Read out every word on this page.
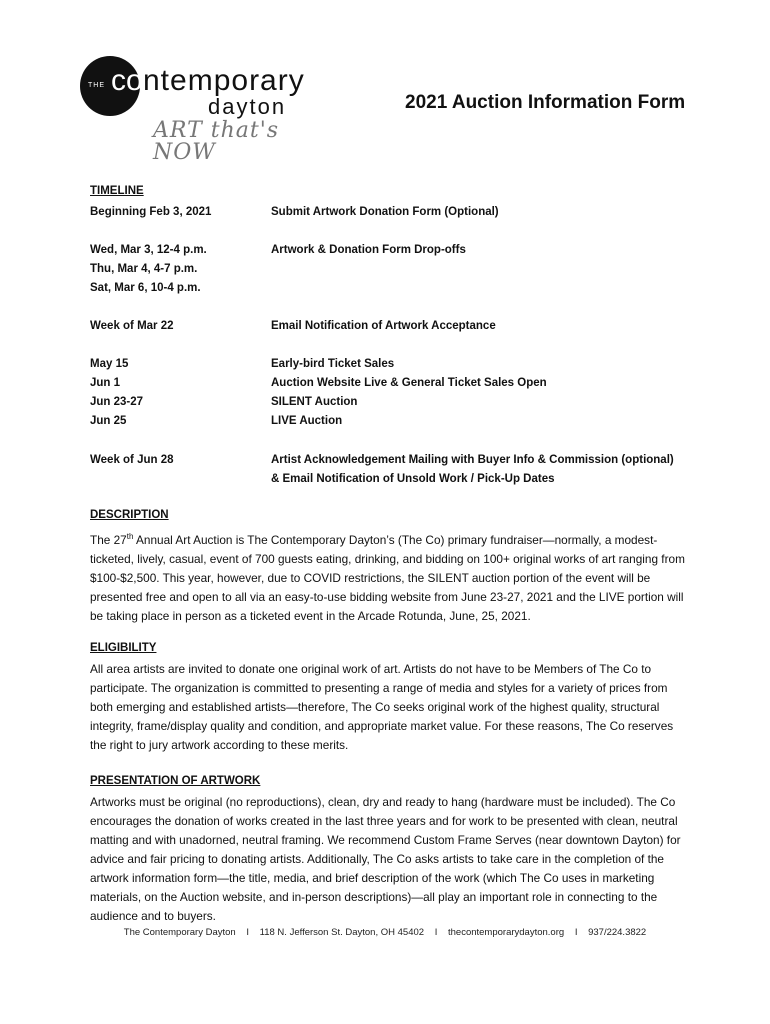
THE co ntemporary
dayton
ART that's NOW
2021 Auction Information Form
TIMELINE
Beginning Feb 3, 2021	Submit Artwork Donation Form (Optional)
Wed, Mar 3, 12-4 p.m.	Artwork & Donation Form Drop-offs
Thu, Mar 4, 4-7 p.m.
Sat, Mar 6, 10-4 p.m.
Week of Mar 22	Email Notification of Artwork Acceptance
May 15	Early-bird Ticket Sales
Jun 1	Auction Website Live & General Ticket Sales Open
Jun 23-27	SILENT Auction
Jun 25	LIVE Auction
Week of Jun 28	Artist Acknowledgement Mailing with Buyer Info & Commission (optional)
& Email Notification of Unsold Work / Pick-Up Dates
DESCRIPTION
The 27th Annual Art Auction is The Contemporary Dayton’s (The Co) primary fundraiser—normally, a modest-ticketed, lively, casual, event of 700 guests eating, drinking, and bidding on 100+ original works of art ranging from $100-$2,500. This year, however, due to COVID restrictions, the SILENT auction portion of the event will be presented free and open to all via an easy-to-use bidding website from June 23-27, 2021 and the LIVE portion will be taking place in person as a ticketed event in the Arcade Rotunda, June, 25, 2021.
ELIGIBILITY
All area artists are invited to donate one original work of art. Artists do not have to be Members of The Co to participate. The organization is committed to presenting a range of media and styles for a variety of prices from both emerging and established artists—therefore, The Co seeks original work of the highest quality, structural integrity, frame/display quality and condition, and appropriate market value. For these reasons, The Co reserves the right to jury artwork according to these merits.
PRESENTATION OF ARTWORK
Artworks must be original (no reproductions), clean, dry and ready to hang (hardware must be included). The Co encourages the donation of works created in the last three years and for work to be presented with clean, neutral matting and with unadorned, neutral framing. We recommend Custom Frame Serves (near downtown Dayton) for advice and fair pricing to donating artists. Additionally, The Co asks artists to take care in the completion of the artwork information form—the title, media, and brief description of the work (which The Co uses in marketing materials, on the Auction website, and in-person descriptions)—all play an important role in connecting to the audience and to buyers.
The Contemporary Dayton I 118 N. Jefferson St. Dayton, OH 45402 I thecontemporarydayton.org I 937/224.3822
